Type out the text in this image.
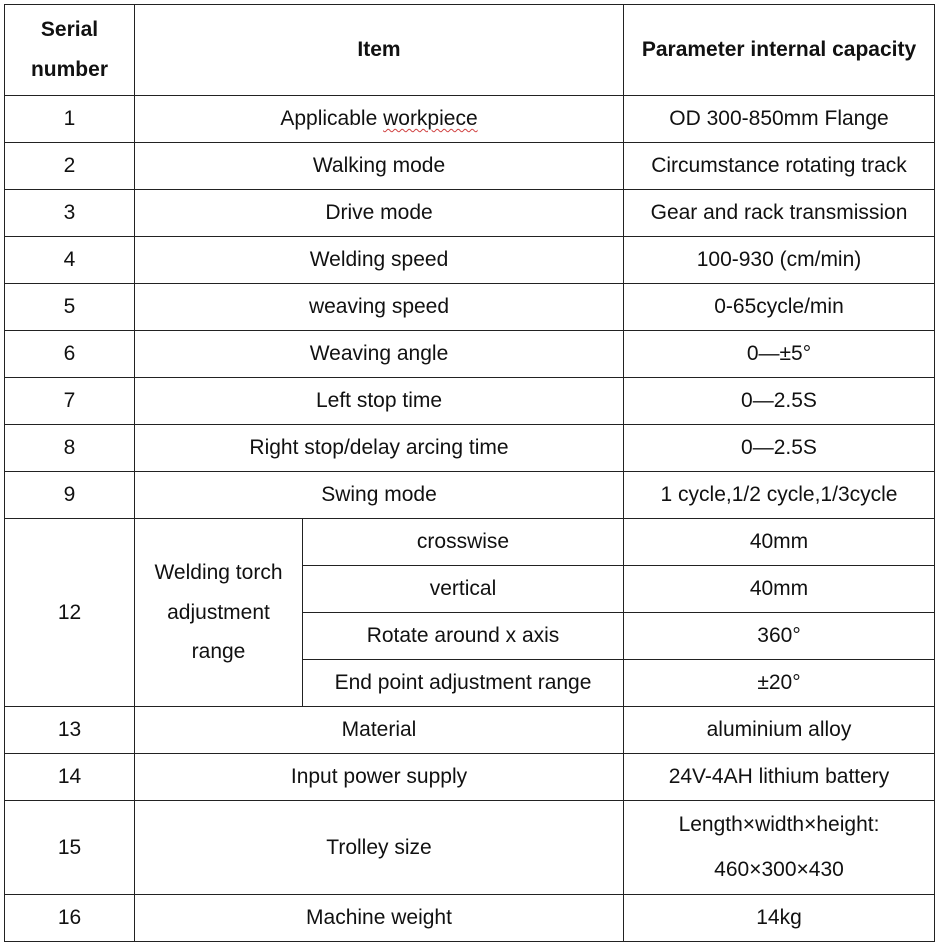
Serial number	Item		Parameter internal capacity
1	Applicable workpiece		OD 300-850mm Flange
2	Walking mode		Circumstance rotating track
3	Drive mode		Gear and rack transmission
4	Welding speed		100-930 (cm/min)
5	weaving speed		0-65cycle/min
6	Weaving angle		0—±5°
7	Left stop time		0—2.5S
8	Right stop/delay arcing time		0—2.5S
9	Swing mode		1 cycle,1/2 cycle,1/3cycle
12	Welding torch adjustment range	crosswise	40mm
		vertical	40mm
		Rotate around x axis	360°
		End point adjustment range	±20°
13	Material		aluminium alloy
14	Input power supply		24V-4AH lithium battery
15	Trolley size		Length×width×height: 460×300×430
16	Machine weight		14kg
